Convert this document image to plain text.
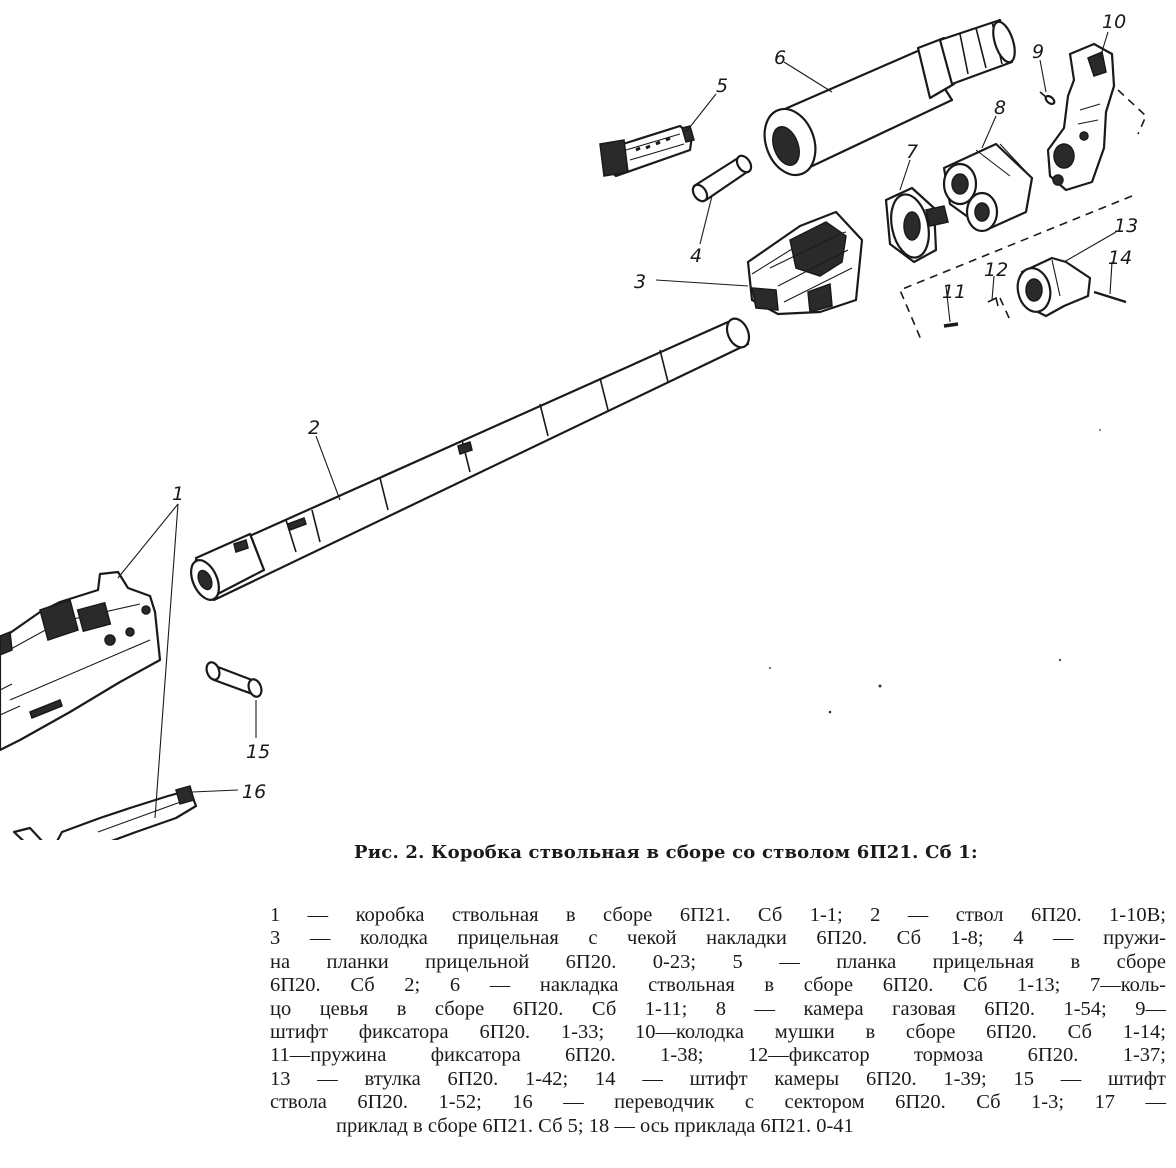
1
2
3
4
5
6
7
8
9
10
11
12
13
14
15
16
Рис. 2. Коробка ствольная в сборе со стволом 6П21. Сб 1:
1 — коробка ствольная в сборе 6П21. Сб 1-1; 2 — ствол 6П20. 1-10В;
3 — колодка прицельная с чекой накладки 6П20. Сб 1-8; 4 — пружи-
на планки прицельной 6П20. 0-23; 5 — планка прицельная в сборе
6П20. Сб 2; 6 — накладка ствольная в сборе 6П20. Сб 1-13; 7—коль-
цо цевья в сборе 6П20. Сб 1-11; 8 — камера газовая 6П20. 1-54; 9—
штифт фиксатора 6П20. 1-33; 10—колодка мушки в сборе 6П20. Сб 1-14;
11—пружина фиксатора 6П20. 1-38; 12—фиксатор тормоза 6П20. 1-37;
13 — втулка 6П20. 1-42; 14 — штифт камеры 6П20. 1-39; 15 — штифт
ствола 6П20. 1-52; 16 — переводчик с сектором 6П20. Сб 1-3; 17 —
приклад в сборе 6П21. Сб 5; 18 — ось приклада 6П21. 0-41
